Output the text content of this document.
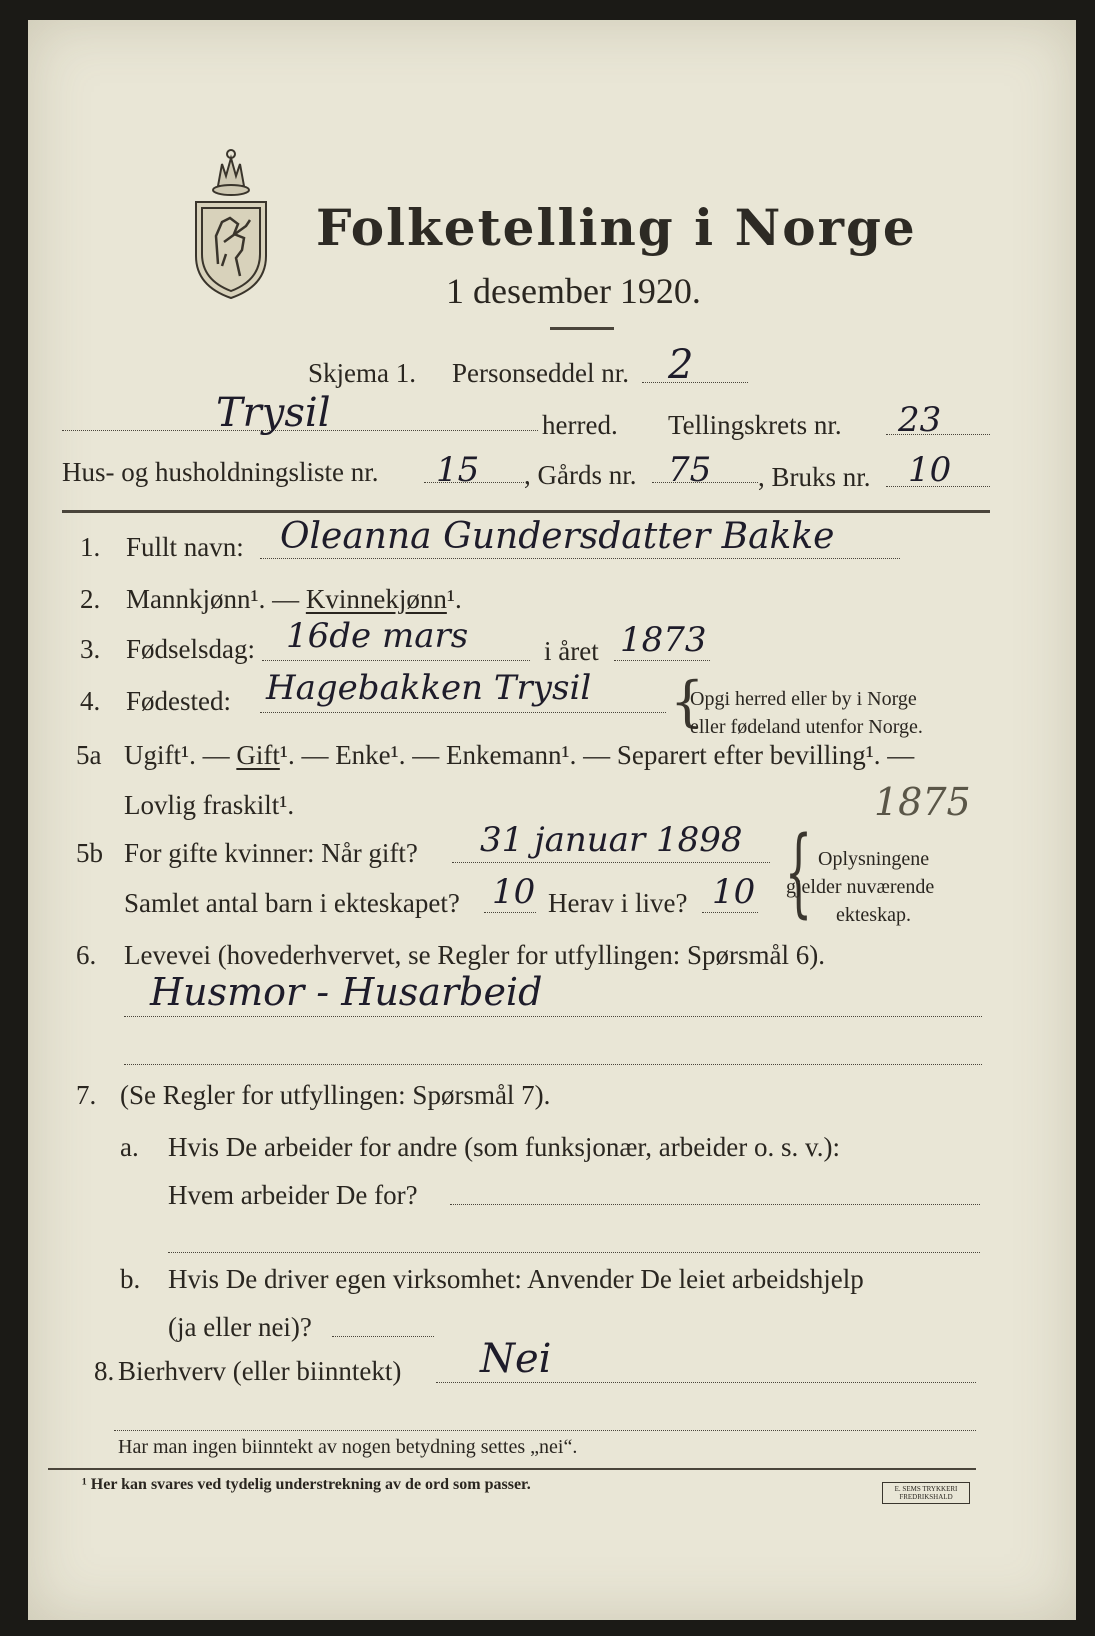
Folketelling i Norge
1 desember 1920.
Skjema 1. Personseddel nr. 2
Trysil	herred. Tellingskrets nr. 23
Hus- og husholdningsliste nr. 15 , Gårds nr. 75 , Bruks nr. 10
1. Fullt navn: Oleanna Gundersdatter Bakke
2. Mannkjønn¹. — Kvinnekjønn¹.
3. Fødselsdag: 16de mars	i året 1873
4. Fødested: Hagebakken Trysil {
Opgi herred eller by i Norge
eller fødeland utenfor Norge.
5a Ugift¹. — Gift¹. — Enke¹. — Enkemann¹. — Separert efter bevilling¹. —
Lovlig fraskilt¹.	1875
5b For gifte kvinner: Når gift? 31 januar 1898
Samlet antal barn i ekteskapet? 10 Herav i live? 10 { Oplysningene
gjelder nuværende
ekteskap.
6. Levevei (hovederhvervet, se Regler for utfyllingen: Spørsmål 6).
Husmor - Husarbeid
7. (Se Regler for utfyllingen: Spørsmål 7).
a. Hvis De arbeider for andre (som funksjonær, arbeider o. s. v.):
Hvem arbeider De for?
b. Hvis De driver egen virksomhet: Anvender De leiet arbeidshjelp
(ja eller nei)?
8. Bierhverv (eller biinntekt) Nei
Har man ingen biinntekt av nogen betydning settes „nei“.
¹ Her kan svares ved tydelig understrekning av de ord som passer.	E. SEMS TRYKKERI
FREDRIKSHALD
